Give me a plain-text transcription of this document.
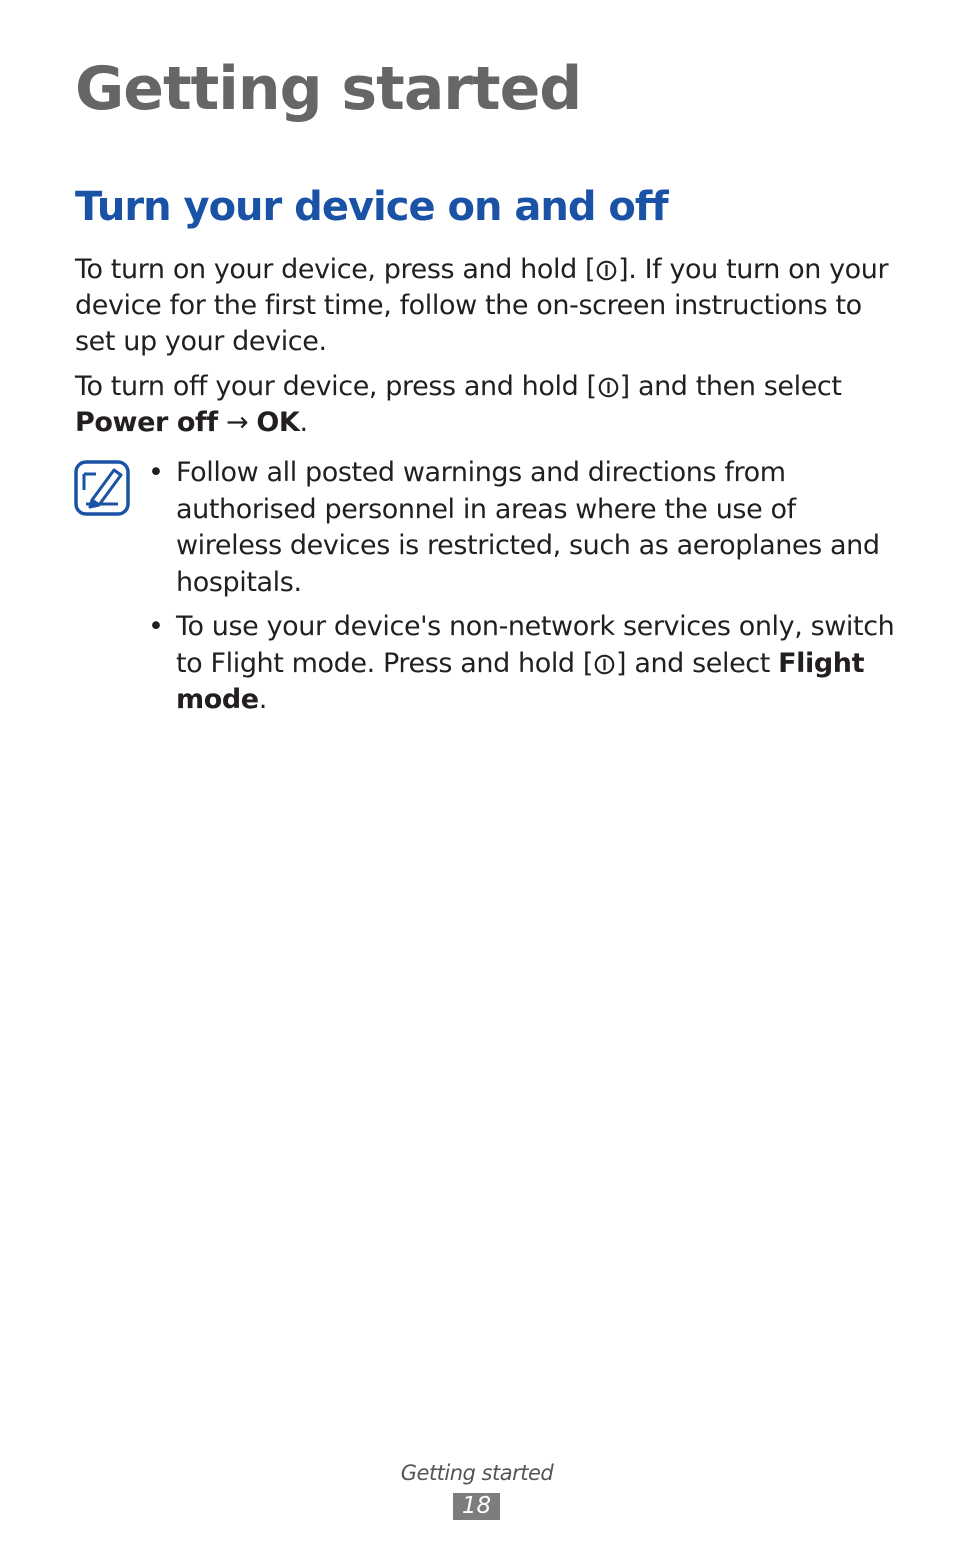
Getting started
Turn your device on and off

To turn on your device, press and hold [ ]. If you turn on your device for the first time, follow the on-screen instructions to set up your device.

To turn off your device, press and hold [ ] and then select Power off → OK.

• Follow all posted warnings and directions from authorised personnel in areas where the use of wireless devices is restricted, such as aeroplanes and hospitals.
• To use your device's non-network services only, switch to Flight mode. Press and hold [ ] and select Flight mode.
Getting started
18
